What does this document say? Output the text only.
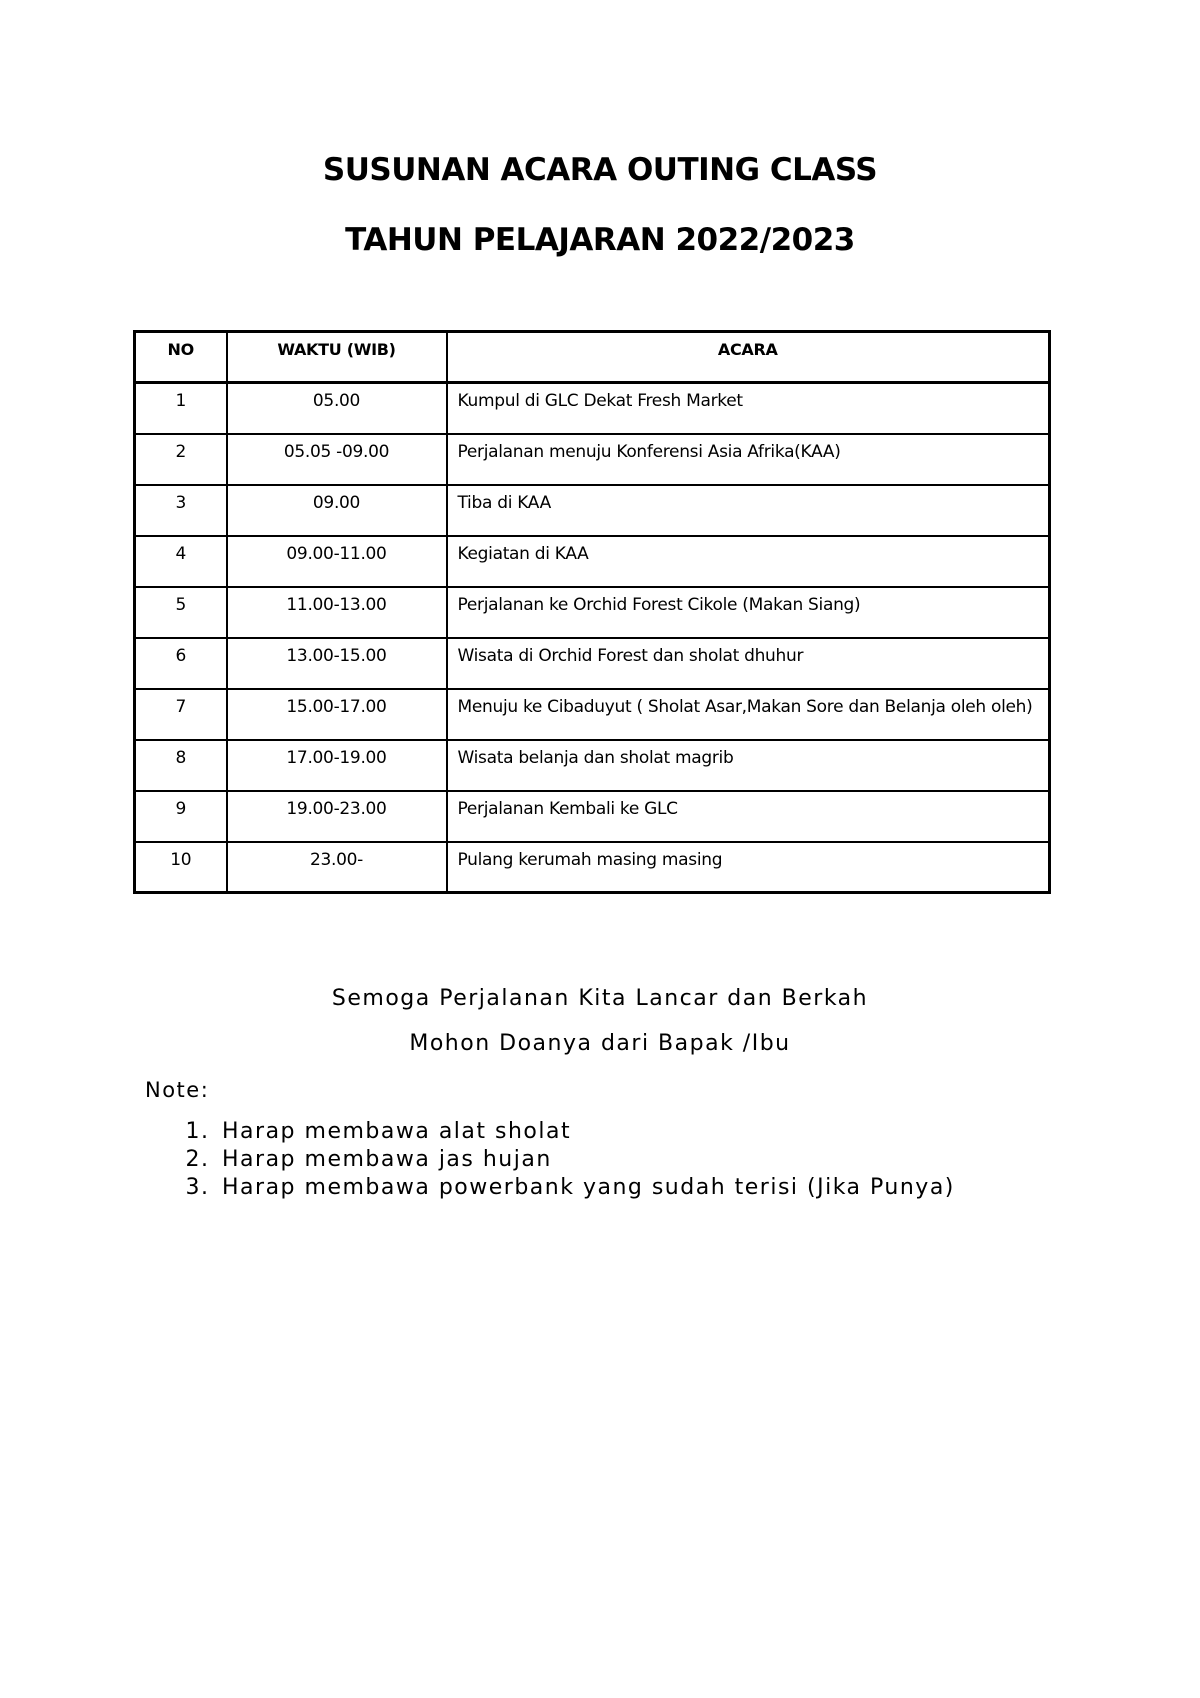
SUSUNAN ACARA OUTING CLASS
TAHUN PELAJARAN 2022/2023
NO	WAKTU (WIB)	ACARA
1	05.00	Kumpul di GLC Dekat Fresh Market
2	05.05 -09.00	Perjalanan menuju Konferensi Asia Afrika(KAA)
3	09.00	Tiba di KAA
4	09.00-11.00	Kegiatan di KAA
5	11.00-13.00	Perjalanan ke Orchid Forest Cikole (Makan Siang)
6	13.00-15.00	Wisata di Orchid Forest dan sholat dhuhur
7	15.00-17.00	Menuju ke Cibaduyut ( Sholat Asar,Makan Sore dan Belanja oleh oleh)
8	17.00-19.00	Wisata belanja dan sholat magrib
9	19.00-23.00	Perjalanan Kembali ke GLC
10	23.00-	Pulang kerumah masing masing
Semoga Perjalanan Kita Lancar dan Berkah
Mohon Doanya dari Bapak /Ibu
Note:
1. Harap membawa alat sholat
2. Harap membawa jas hujan
3. Harap membawa powerbank yang sudah terisi (Jika Punya)
